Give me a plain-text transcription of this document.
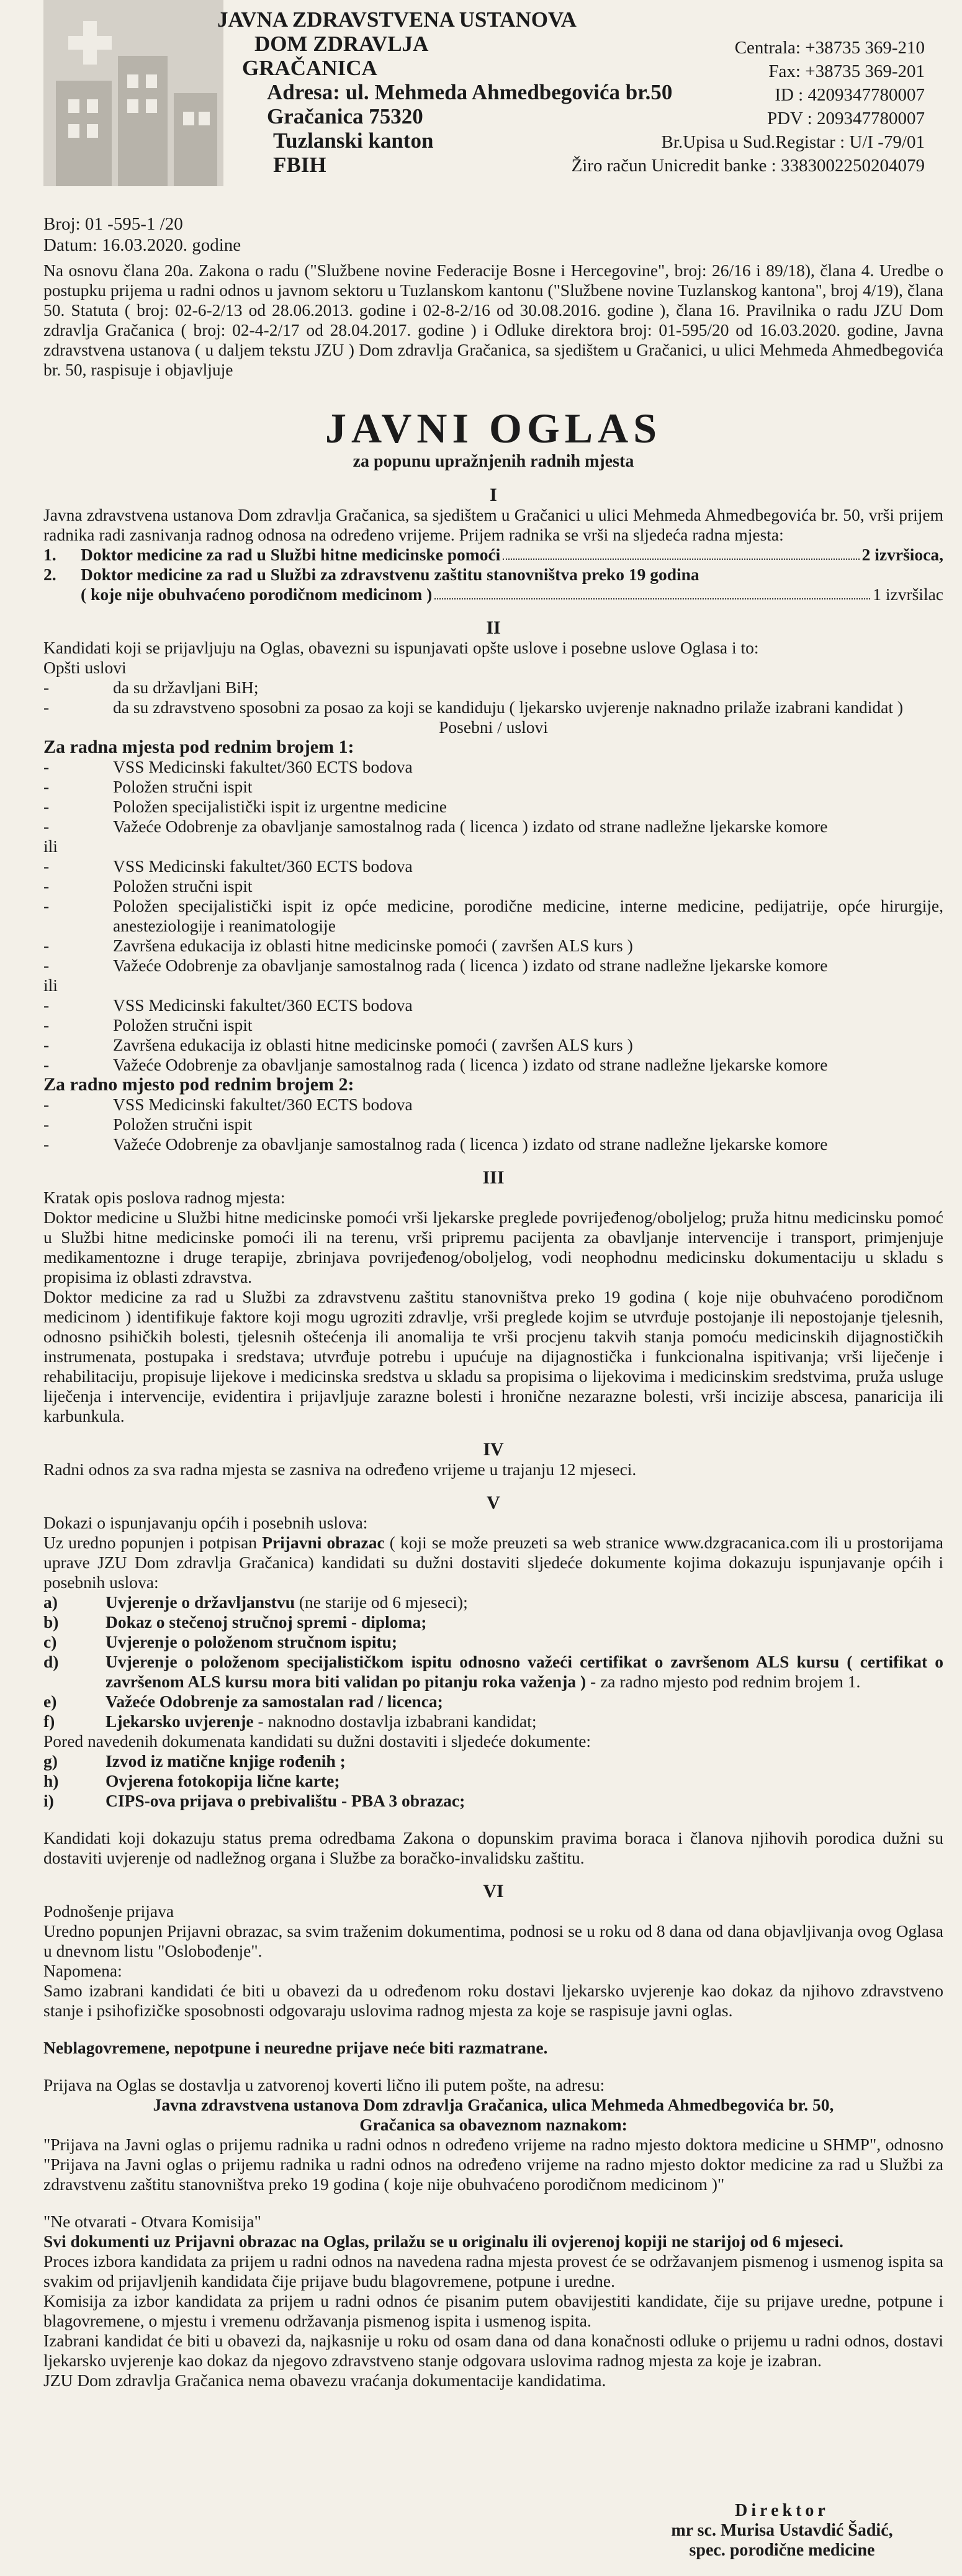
JAVNA ZDRAVSTVENA USTANOVA
DOM ZDRAVLJA
GRAČANICA
Adresa: ul. Mehmeda Ahmedbegovića br.50
Gračanica 75320
Tuzlanski kanton
FBIH
Centrala: +38735 369-210
Fax: +38735 369-201
ID : 4209347780007
PDV : 209347780007
Br.Upisa u Sud.Registar : U/I -79/01
Žiro račun Unicredit banke : 3383002250204079
Broj: 01 -595-1 /20
Datum: 16.03.2020. godine

Na osnovu člana 20a. Zakona o radu ("Službene novine Federacije Bosne i Hercegovine", broj: 26/16 i 89/18), člana 4. Uredbe o postupku prijema u radni odnos u javnom sektoru u Tuzlanskom kantonu ("Službene novine Tuzlanskog kantona", broj 4/19), člana 50. Statuta ( broj: 02-6-2/13 od 28.06.2013. godine i 02-8-2/16 od 30.08.2016. godine ), člana 16. Pravilnika o radu JZU Dom zdravlja Gračanica ( broj: 02-4-2/17 od 28.04.2017. godine ) i Odluke direktora broj: 01-595/20 od 16.03.2020. godine, Javna zdravstvena ustanova ( u daljem tekstu JZU ) Dom zdravlja Gračanica, sa sjedištem u Gračanici, u ulici Mehmeda Ahmedbegovića br. 50, raspisuje i objavljuje

JAVNI OGLAS
za popunu upražnjenih radnih mjesta
I

Javna zdravstvena ustanova Dom zdravlja Gračanica, sa sjedištem u Gračanici u ulici Mehmeda Ahmedbegovića br. 50, vrši prijem radnika radi zasnivanja radnog odnosa na određeno vrijeme. Prijem radnika se vrši na sljedeća radna mjesta:

1.	Doktor medicine za rad u Službi hitne medicinske pomoći	2 izvršioca,
2.	Doktor medicine za rad u Službi za zdravstvenu zaštitu stanovništva preko 19 godina
( koje nije obuhvaćeno porodičnom medicinom )	1 izvršilac
II

Kandidati koji se prijavljuju na Oglas, obavezni su ispunjavati opšte uslove i posebne uslove Oglasa i to:

Opšti uslovi
-	da su državljani BiH;
-	da su zdravstveno sposobni za posao za koji se kandiduju ( ljekarsko uvjerenje naknadno prilaže izabrani kandidat )
Posebni / uslovi
Za radna mjesta pod rednim brojem 1:
-	VSS Medicinski fakultet/360 ECTS bodova
-	Položen stručni ispit
-	Položen specijalistički ispit iz urgentne medicine
-	Važeće Odobrenje za obavljanje samostalnog rada ( licenca ) izdato od strane nadležne ljekarske komore
ili
-	VSS Medicinski fakultet/360 ECTS bodova
-	Položen stručni ispit
-	Položen specijalistički ispit iz opće medicine, porodične medicine, interne medicine, pedijatrije, opće hirurgije, anesteziologije i reanimatologije
-	Završena edukacija iz oblasti hitne medicinske pomoći ( završen ALS kurs )
-	Važeće Odobrenje za obavljanje samostalnog rada ( licenca ) izdato od strane nadležne ljekarske komore
ili
-	VSS Medicinski fakultet/360 ECTS bodova
-	Položen stručni ispit
-	Završena edukacija iz oblasti hitne medicinske pomoći ( završen ALS kurs )
-	Važeće Odobrenje za obavljanje samostalnog rada ( licenca ) izdato od strane nadležne ljekarske komore
Za radno mjesto pod rednim brojem 2:
-	VSS Medicinski fakultet/360 ECTS bodova
-	Položen stručni ispit
-	Važeće Odobrenje za obavljanje samostalnog rada ( licenca ) izdato od strane nadležne ljekarske komore
III
Kratak opis poslova radnog mjesta:

Doktor medicine u Službi hitne medicinske pomoći vrši ljekarske preglede povrijeđenog/oboljelog; pruža hitnu medicinsku pomoć u Službi hitne medicinske pomoći ili na terenu, vrši pripremu pacijenta za obavljanje intervencije i transport, primjenjuje medikamentozne i druge terapije, zbrinjava povrijeđenog/oboljelog, vodi neophodnu medicinsku dokumentaciju u skladu s propisima iz oblasti zdravstva.

Doktor medicine za rad u Službi za zdravstvenu zaštitu stanovništva preko 19 godina ( koje nije obuhvaćeno porodičnom medicinom ) identifikuje faktore koji mogu ugroziti zdravlje, vrši preglede kojim se utvrđuje postojanje ili nepostojanje tjelesnih, odnosno psihičkih bolesti, tjelesnih oštećenja ili anomalija te vrši procjenu takvih stanja pomoću medicinskih dijagnostičkih instrumenata, postupaka i sredstava; utvrđuje potrebu i upućuje na dijagnostička i funkcionalna ispitivanja; vrši liječenje i rehabilitaciju, propisuje lijekove i medicinska sredstva u skladu sa propisima o lijekovima i medicinskim sredstvima, pruža usluge liječenja i intervencije, evidentira i prijavljuje zarazne bolesti i hronične nezarazne bolesti, vrši incizije abscesa, panaricija ili karbunkula.

IV

Radni odnos za sva radna mjesta se zasniva na određeno vrijeme u trajanju 12 mjeseci.

V
Dokazi o ispunjavanju općih i posebnih uslova:

Uz uredno popunjen i potpisan Prijavni obrazac ( koji se može preuzeti sa web stranice www.dzgracanica.com ili u prostorijama uprave JZU Dom zdravlja Gračanica) kandidati su dužni dostaviti sljedeće dokumente kojima dokazuju ispunjavanje općih i posebnih uslova:

a)	Uvjerenje o državljanstvu (ne starije od 6 mjeseci);
b)	Dokaz o stečenoj stručnoj spremi - diploma;
c)	Uvjerenje o položenom stručnom ispitu;
d)	Uvjerenje o položenom specijalističkom ispitu odnosno važeći certifikat o završenom ALS kursu ( certifikat o završenom ALS kursu mora biti validan po pitanju roka važenja ) - za radno mjesto pod rednim brojem 1.
e)	Važeće Odobrenje za samostalan rad / licenca;
f)	Ljekarsko uvjerenje - naknodno dostavlja izbabrani kandidat;
Pored navedenih dokumenata kandidati su dužni dostaviti i sljedeće dokumente:
g)	Izvod iz matične knjige rođenih ;
h)	Ovjerena fotokopija lične karte;
i)	CIPS-ova prijava o prebivalištu - PBA 3 obrazac;

Kandidati koji dokazuju status prema odredbama Zakona o dopunskim pravima boraca i članova njihovih porodica dužni su dostaviti uvjerenje od nadležnog organa i Službe za boračko-invalidsku zaštitu.

VI
Podnošenje prijava

Uredno popunjen Prijavni obrazac, sa svim traženim dokumentima, podnosi se u roku od 8 dana od dana objavljivanja ovog Oglasa u dnevnom listu "Oslobođenje".

Napomena:

Samo izabrani kandidati će biti u obavezi da u određenom roku dostavi ljekarsko uvjerenje kao dokaz da njihovo zdravstveno stanje i psihofizičke sposobnosti odgovaraju uslovima radnog mjesta za koje se raspisuje javni oglas.

Neblagovremene, nepotpune i neuredne prijave neće biti razmatrane.

Prijava na Oglas se dostavlja u zatvorenoj koverti lično ili putem pošte, na adresu:

Javna zdravstvena ustanova Dom zdravlja Gračanica, ulica Mehmeda Ahmedbegovića br. 50,
Gračanica sa obaveznom naznakom:

"Prijava na Javni oglas o prijemu radnika u radni odnos n određeno vrijeme na radno mjesto doktora medicine u SHMP", odnosno "Prijava na Javni oglas o prijemu radnika u radni odnos na određeno vrijeme na radno mjesto doktor medicine za rad u Službi za zdravstvenu zaštitu stanovništva preko 19 godina ( koje nije obuhvaćeno porodičnom medicinom )"

"Ne otvarati - Otvara Komisija"

Svi dokumenti uz Prijavni obrazac na Oglas, prilažu se u originalu ili ovjerenoj kopiji ne starijoj od 6 mjeseci.

Proces izbora kandidata za prijem u radni odnos na navedena radna mjesta provest će se održavanjem pismenog i usmenog ispita sa svakim od prijavljenih kandidata čije prijave budu blagovremene, potpune i uredne.

Komisija za izbor kandidata za prijem u radni odnos će pisanim putem obavijestiti kandidate, čije su prijave uredne, potpune i blagovremene, o mjestu i vremenu održavanja pismenog ispita i usmenog ispita.

Izabrani kandidat će biti u obavezi da, najkasnije u roku od osam dana od dana konačnosti odluke o prijemu u radni odnos, dostavi ljekarsko uvjerenje kao dokaz da njegovo zdravstveno stanje odgovara uslovima radnog mjesta za koje je izabran.

JZU Dom zdravlja Gračanica nema obavezu vraćanja dokumentacije kandidatima.

Direktor
mr sc. Murisa Ustavdić Šadić,
spec. porodične medicine
